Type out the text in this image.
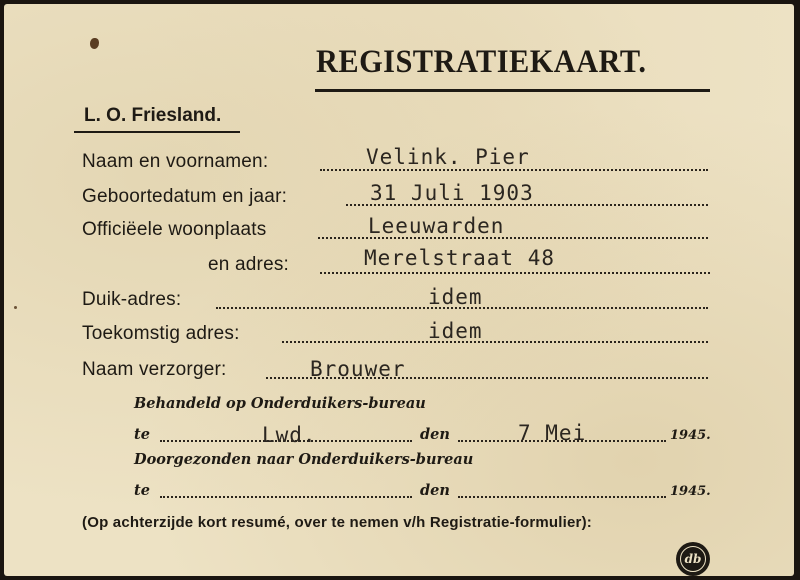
REGISTRATIEKAART.
L. O. Friesland.
Naam en voornamen:	Velink. Pier
Geboortedatum en jaar:	31 Juli 1903
Officiëele woonplaats	Leeuwarden
en adres:	Merelstraat 48
Duik-adres:	idem
Toekomstig adres:	idem
Naam verzorger:	Brouwer
Behandeld op Onderduikers-bureau
te	Lwd.	den	7 Mei	1945.
Doorgezonden naar Onderduikers-bureau
te	den	1945.
(Op achterzijde kort resumé, over te nemen v/h Registratie-formulier):
db
